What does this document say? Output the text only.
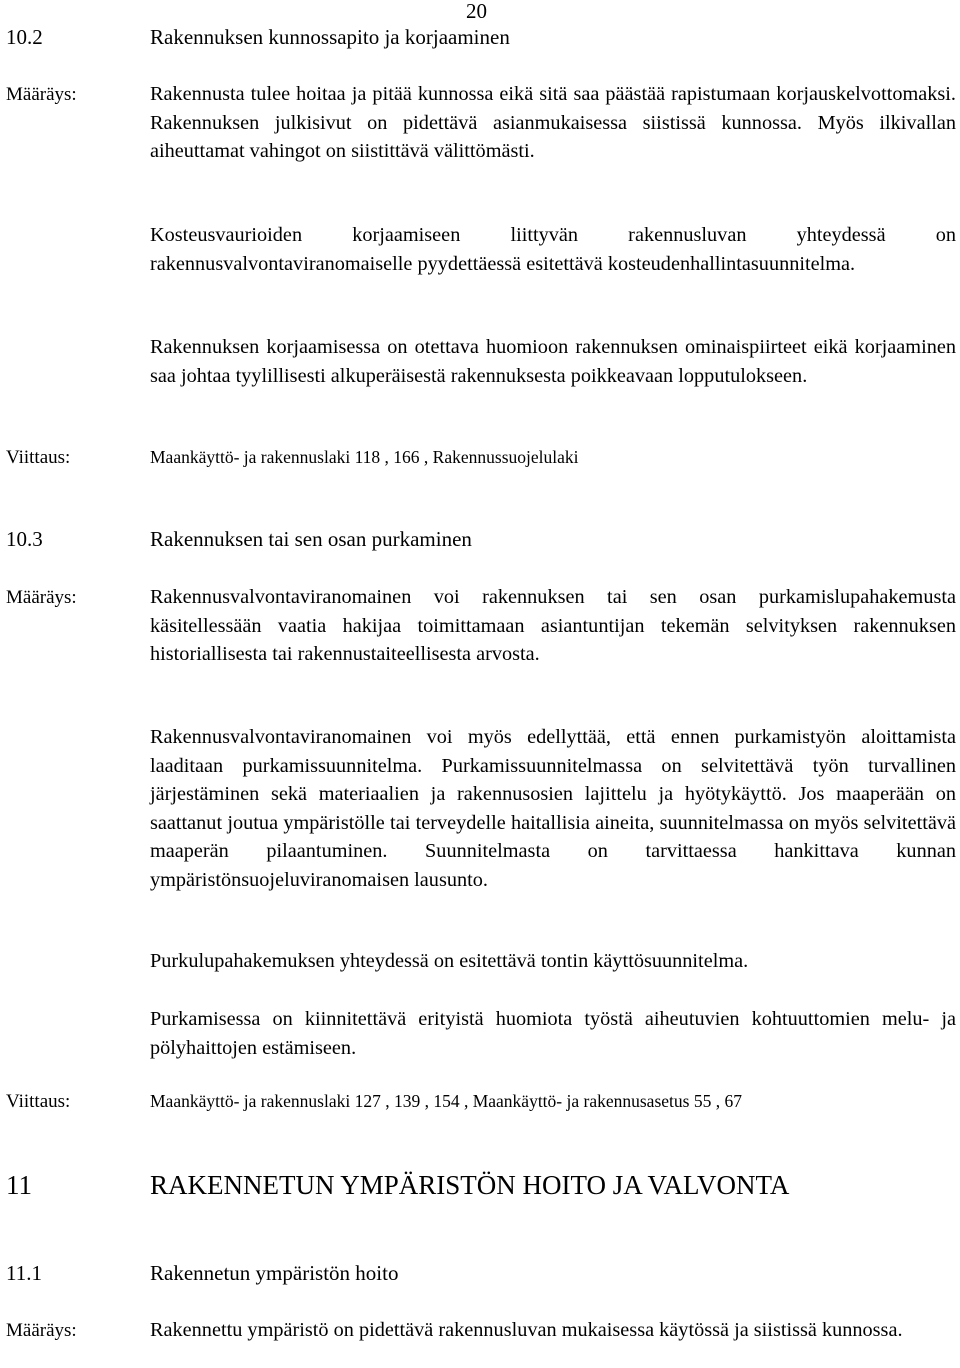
20
10.2	Rakennuksen kunnossapito ja korjaaminen
Määräys:	Rakennusta tulee hoitaa ja pitää kunnossa eikä sitä saa päästää rapistumaan korjauskelvottomaksi. Rakennuksen julkisivut on pidettävä asianmukaisessa siistissä kunnossa. Myös ilkivallan aiheuttamat vahingot on siistittävä välittömästi.
Kosteusvaurioiden korjaamiseen liittyvän rakennusluvan yhteydessä on rakennusvalvontaviranomaiselle pyydettäessä esitettävä kosteudenhallintasuunnitelma.
Rakennuksen korjaamisessa on otettava huomioon rakennuksen ominaispiirteet eikä korjaaminen saa johtaa tyylillisesti alkuperäisestä rakennuksesta poikkeavaan lopputulokseen.
Viittaus:	Maankäyttö- ja rakennuslaki 118 , 166 , Rakennussuojelulaki
10.3	Rakennuksen tai sen osan purkaminen
Määräys:	Rakennusvalvontaviranomainen voi rakennuksen tai sen osan purkamislupahakemusta käsitellessään vaatia hakijaa toimittamaan asiantuntijan tekemän selvityksen rakennuksen historiallisesta tai rakennustaiteellisesta arvosta.
Rakennusvalvontaviranomainen voi myös edellyttää, että ennen purkamistyön aloittamista laaditaan purkamissuunnitelma. Purkamissuunnitelmassa on selvitettävä työn turvallinen järjestäminen sekä materiaalien ja rakennusosien lajittelu ja hyötykäyttö. Jos maaperään on saattanut joutua ympäristölle tai terveydelle haitallisia aineita, suunnitelmassa on myös selvitettävä maaperän pilaantuminen. Suunnitelmasta on tarvittaessa hankittava kunnan ympäristönsuojeluviranomaisen lausunto.
Purkulupahakemuksen yhteydessä on esitettävä tontin käyttösuunnitelma.
Purkamisessa on kiinnitettävä erityistä huomiota työstä aiheutuvien kohtuuttomien melu- ja pölyhaittojen estämiseen.
Viittaus:	Maankäyttö- ja rakennuslaki 127 , 139 , 154 , Maankäyttö- ja rakennusasetus 55 , 67
11	RAKENNETUN YMPÄRISTÖN HOITO JA VALVONTA
11.1	Rakennetun ympäristön hoito
Määräys:	Rakennettu ympäristö on pidettävä rakennusluvan mukaisessa käytössä ja siistissä kunnossa.
